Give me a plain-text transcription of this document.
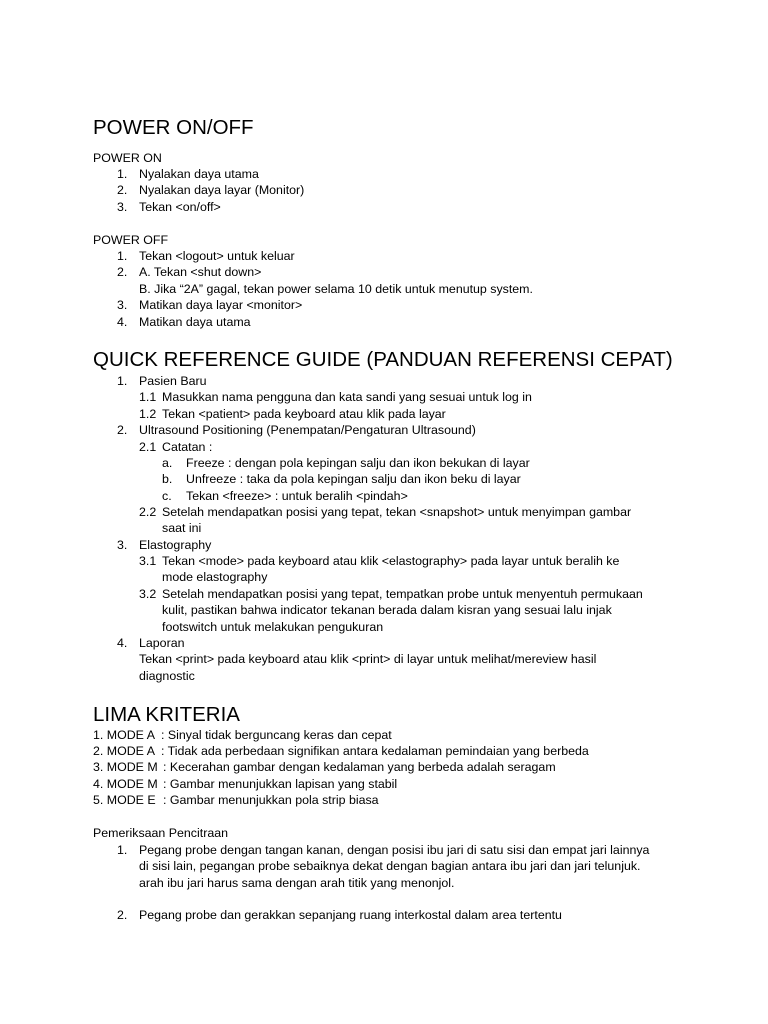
POWER ON/OFF
POWER ON
1. Nyalakan daya utama
2. Nyalakan daya layar (Monitor)
3. Tekan <on/off>
POWER OFF
1. Tekan <logout> untuk keluar
2. A. Tekan <shut down>
B. Jika “2A” gagal, tekan power selama 10 detik untuk menutup system.
3. Matikan daya layar <monitor>
4. Matikan daya utama
QUICK REFERENCE GUIDE (PANDUAN REFERENSI CEPAT)
1. Pasien Baru
1.1 Masukkan nama pengguna dan kata sandi yang sesuai untuk log in
1.2 Tekan <patient> pada keyboard atau klik pada layar
2. Ultrasound Positioning (Penempatan/Pengaturan Ultrasound)
2.1 Catatan :
a. Freeze : dengan pola kepingan salju dan ikon bekukan di layar
b. Unfreeze : taka da pola kepingan salju dan ikon beku di layar
c. Tekan <freeze> : untuk beralih <pindah>
2.2 Setelah mendapatkan posisi yang tepat, tekan <snapshot> untuk menyimpan gambar
saat ini
3. Elastography
3.1 Tekan <mode> pada keyboard atau klik <elastography> pada layar untuk beralih ke
mode elastography
3.2 Setelah mendapatkan posisi yang tepat, tempatkan probe untuk menyentuh permukaan
kulit, pastikan bahwa indicator tekanan berada dalam kisran yang sesuai lalu injak
footswitch untuk melakukan pengukuran
4. Laporan
Tekan <print> pada keyboard atau klik <print> di layar untuk melihat/mereview hasil
diagnostic
LIMA KRITERIA
1. MODE A : Sinyal tidak berguncang keras dan cepat
2. MODE A : Tidak ada perbedaan signifikan antara kedalaman pemindaian yang berbeda
3. MODE M : Kecerahan gambar dengan kedalaman yang berbeda adalah seragam
4. MODE M : Gambar menunjukkan lapisan yang stabil
5. MODE E : Gambar menunjukkan pola strip biasa
Pemeriksaan Pencitraan
1. Pegang probe dengan tangan kanan, dengan posisi ibu jari di satu sisi dan empat jari lainnya
di sisi lain, pegangan probe sebaiknya dekat dengan bagian antara ibu jari dan jari telunjuk.
arah ibu jari harus sama dengan arah titik yang menonjol.
2. Pegang probe dan gerakkan sepanjang ruang interkostal dalam area tertentu
